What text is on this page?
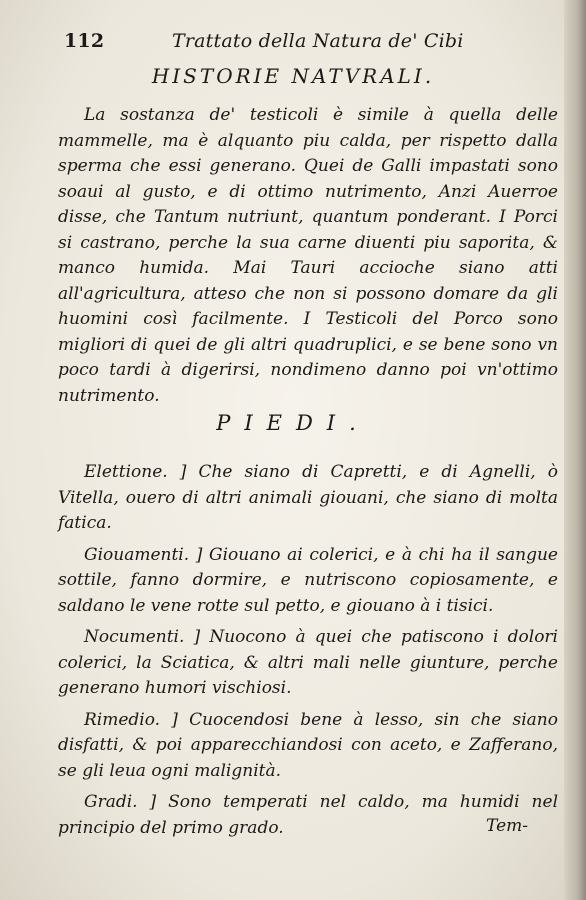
112	Trattato della Natura de' Cibi
HISTORIE NATVRALI.
La sostanza de' testicoli è simile à quella delle mammelle, ma è alquanto piu calda, per rispetto dalla sperma che essi generano. Quei de Galli impastati sono soaui al gusto, e di ottimo nutrimento, Anzi Auerroe disse, che Tantum nutriunt, quantum ponderant. I Porci si castrano, perche la sua carne diuenti piu saporita, & manco humida. Mai Tauri accioche siano atti all'agricultura, atteso che non si possono domare da gli huomini così facilmente. I Testicoli del Porco sono migliori di quei de gli altri quadruplici, e se bene sono vn poco tardi à digerirsi, nondimeno danno poi vn'ottimo nutrimento.
PIEDI.

Elettione. ] Che siano di Capretti, e di Agnelli, ò Vitella, ouero di altri animali giouani, che siano di molta fatica.

Giouamenti. ] Giouano ai colerici, e à chi ha il sangue sottile, fanno dormire, e nutriscono copiosamente, e saldano le vene rotte sul petto, e giouano à i tisici.

Nocumenti. ] Nuocono à quei che patiscono i dolori colerici, la Sciatica, & altri mali nelle giunture, perche generano humori vischiosi.

Rimedio. ] Cuocendosi bene à lesso, sin che siano disfatti, & poi apparecchiandosi con aceto, e Zafferano, se gli leua ogni malignità.

Gradi. ] Sono temperati nel caldo, ma humidi nel principio del primo grado.	Tem-
